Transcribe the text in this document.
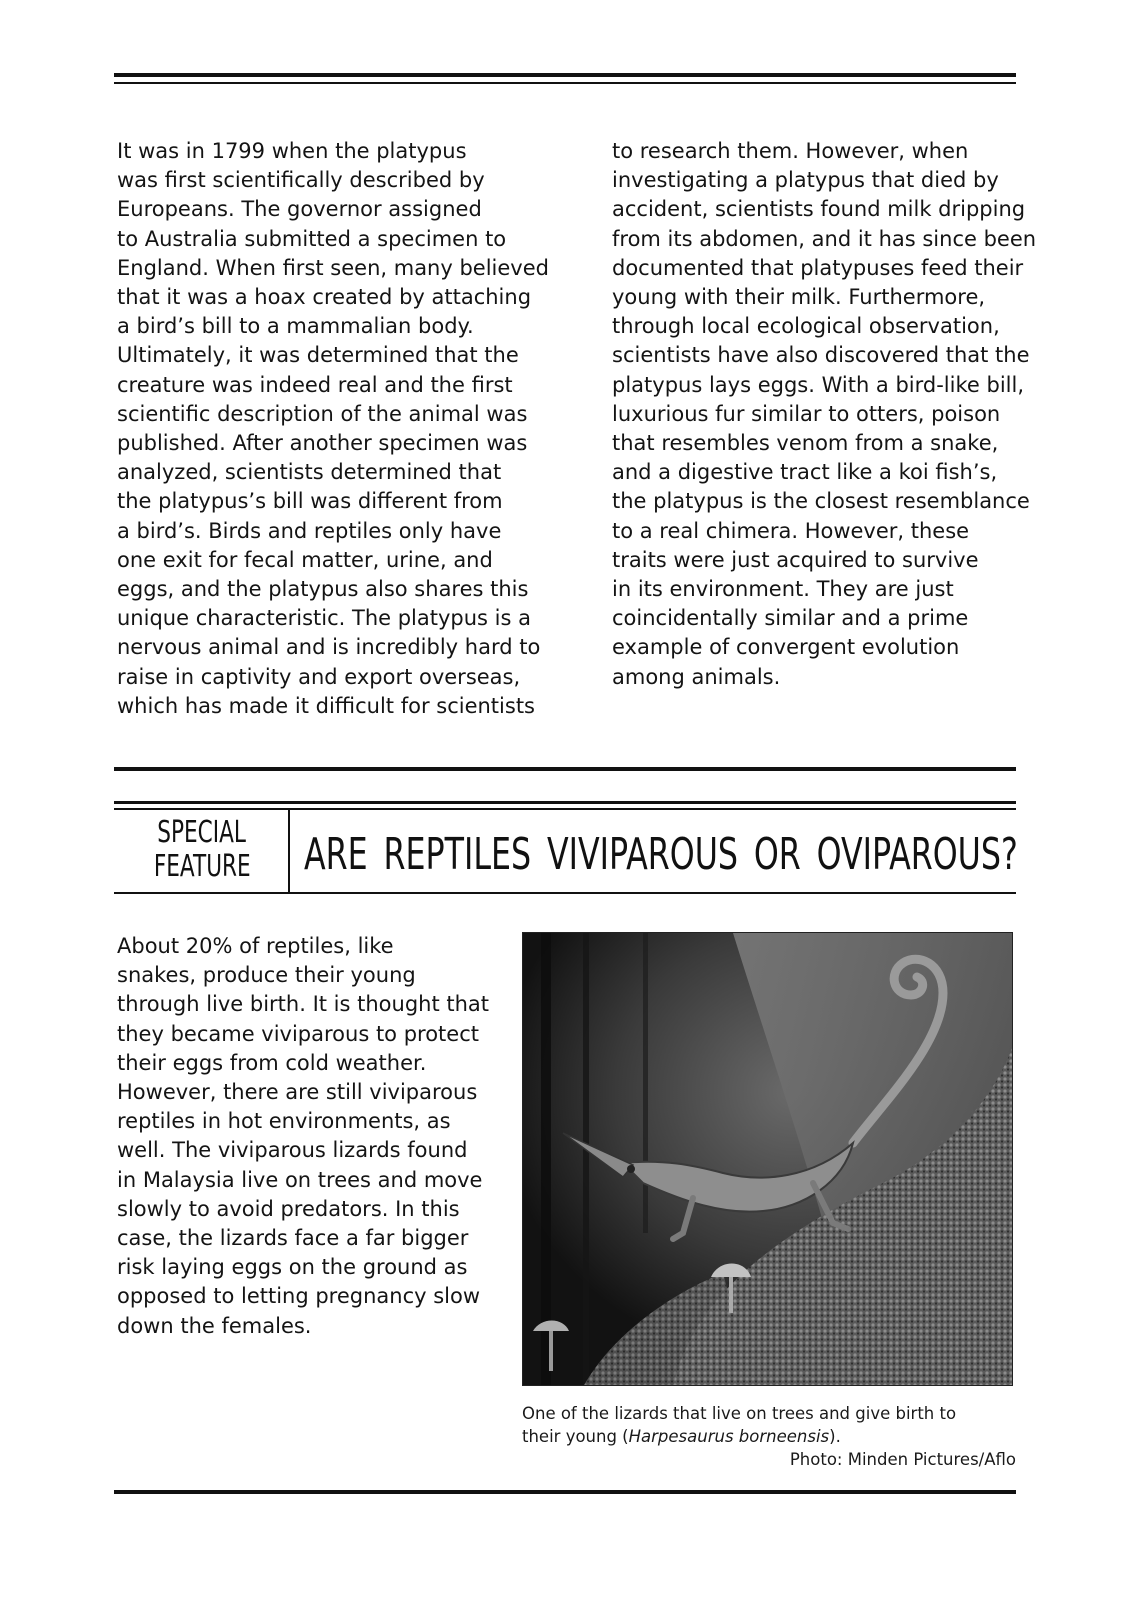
It was in 1799 when the platypus
was first scientifically described by
Europeans. The governor assigned
to Australia submitted a specimen to
England. When first seen, many believed
that it was a hoax created by attaching
a bird’s bill to a mammalian body.
Ultimately, it was determined that the
creature was indeed real and the first
scientific description of the animal was
published. After another specimen was
analyzed, scientists determined that
the platypus’s bill was different from
a bird’s. Birds and reptiles only have
one exit for fecal matter, urine, and
eggs, and the platypus also shares this
unique characteristic. The platypus is a
nervous animal and is incredibly hard to
raise in captivity and export overseas,
which has made it difficult for scientists
to research them. However, when
investigating a platypus that died by
accident, scientists found milk dripping
from its abdomen, and it has since been
documented that platypuses feed their
young with their milk. Furthermore,
through local ecological observation,
scientists have also discovered that the
platypus lays eggs. With a bird-like bill,
luxurious fur similar to otters, poison
that resembles venom from a snake,
and a digestive tract like a koi fish’s,
the platypus is the closest resemblance
to a real chimera. However, these
traits were just acquired to survive
in its environment. They are just
coincidentally similar and a prime
example of convergent evolution
among animals.
SPECIAL
FEATURE	ARE REPTILES VIVIPAROUS OR OVIPAROUS?
About 20% of reptiles, like
snakes, produce their young
through live birth. It is thought that
they became viviparous to protect
their eggs from cold weather.
However, there are still viviparous
reptiles in hot environments, as
well. The viviparous lizards found
in Malaysia live on trees and move
slowly to avoid predators. In this
case, the lizards face a far bigger
risk laying eggs on the ground as
opposed to letting pregnancy slow
down the females.
One of the lizards that live on trees and give birth to
their young (Harpesaurus borneensis).
Photo: Minden Pictures/Aflo
